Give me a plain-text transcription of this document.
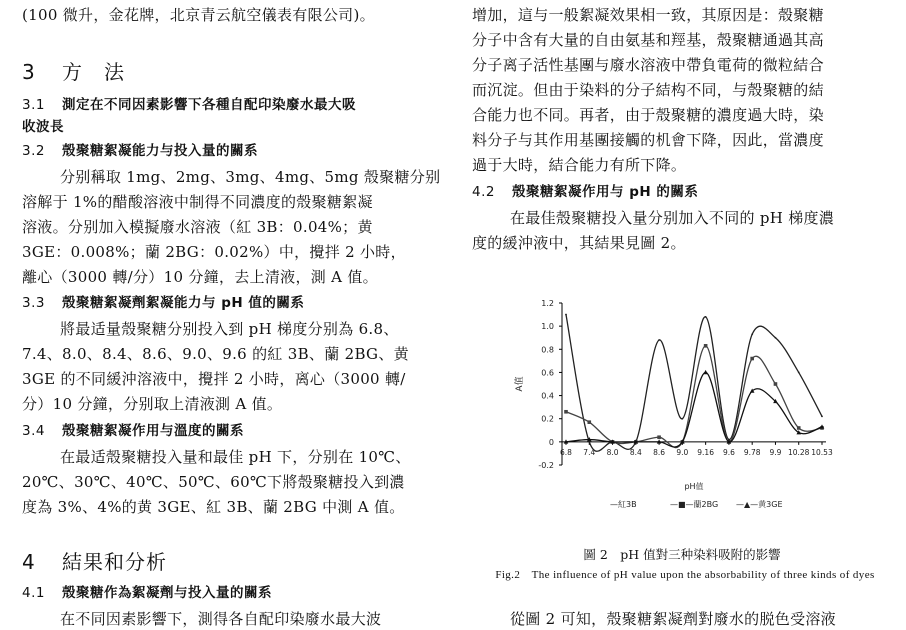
(100 微升，金花牌，北京青云航空儀表有限公司)。
3 方　法
3.1 測定在不同因素影響下各種自配印染廢水最大吸
收波長
3.2 殼聚糖絮凝能力与投入量的關系
分别稱取 1mg、2mg、3mg、4mg、5mg 殼聚糖分别
溶解于 1%的醋酸溶液中制得不同濃度的殼聚糖絮凝
溶液。分别加入模擬廢水溶液（紅 3B：0.04%；黄
3GE：0.008%；蘭 2BG：0.02%）中，攪拌 2 小時，
離心（3000 轉/分）10 分鐘，去上清液，測 A 值。
3.3 殼聚糖絮凝劑絮凝能力与 pH 值的關系
將最适量殼聚糖分别投入到 pH 梯度分别為 6.8、
7.4、8.0、8.4、8.6、9.0、9.6 的紅 3B、蘭 2BG、黄
3GE 的不同緩沖溶液中，攪拌 2 小時，离心（3000 轉/
分）10 分鐘，分别取上清液測 A 值。
3.4 殼聚糖絮凝作用与溫度的關系
在最适殼聚糖投入量和最佳 pH 下，分别在 10℃、
20℃、30℃、40℃、50℃、60℃下將殼聚糖投入到濃
度為 3%、4%的黄 3GE、紅 3B、蘭 2BG 中測 A 值。
4 結果和分析
4.1 殼聚糖作為絮凝劑与投入量的關系
在不同因素影響下，測得各自配印染廢水最大波
增加，這与一般絮凝效果相一致，其原因是：殼聚糖
分子中含有大量的自由氨基和羥基，殼聚糖通過其高
分子离子活性基團与廢水溶液中帶負電荷的微粒結合
而沉淀。但由于染料的分子結构不同，与殼聚糖的結
合能力也不同。再者，由于殼聚糖的濃度過大時，染
料分子与其作用基團接觸的机會下降，因此，當濃度
過于大時，結合能力有所下降。
4.2 殼聚糖絮凝作用与 pH 的關系
在最佳殼聚糖投入量分别加入不同的 pH 梯度濃
度的緩沖液中，其結果見圖 2。
從圖 2 可知，殼聚糖絮凝劑對廢水的脱色受溶液
1.2
1.0
0.8
0.6
0.4
0.2
0
-0.2
6.8 7.4 8.0 8.4 8.6 9.0 9.16 9.6 9.78 9.9 10.28 10.53
A值
pH值
—紅3B	—■—蘭2BG —▲—黄3GE
圖 2　pH 值對三种染料吸附的影響
Fig.2　The influence of pH value upon the absorbability of three kinds of dyes
